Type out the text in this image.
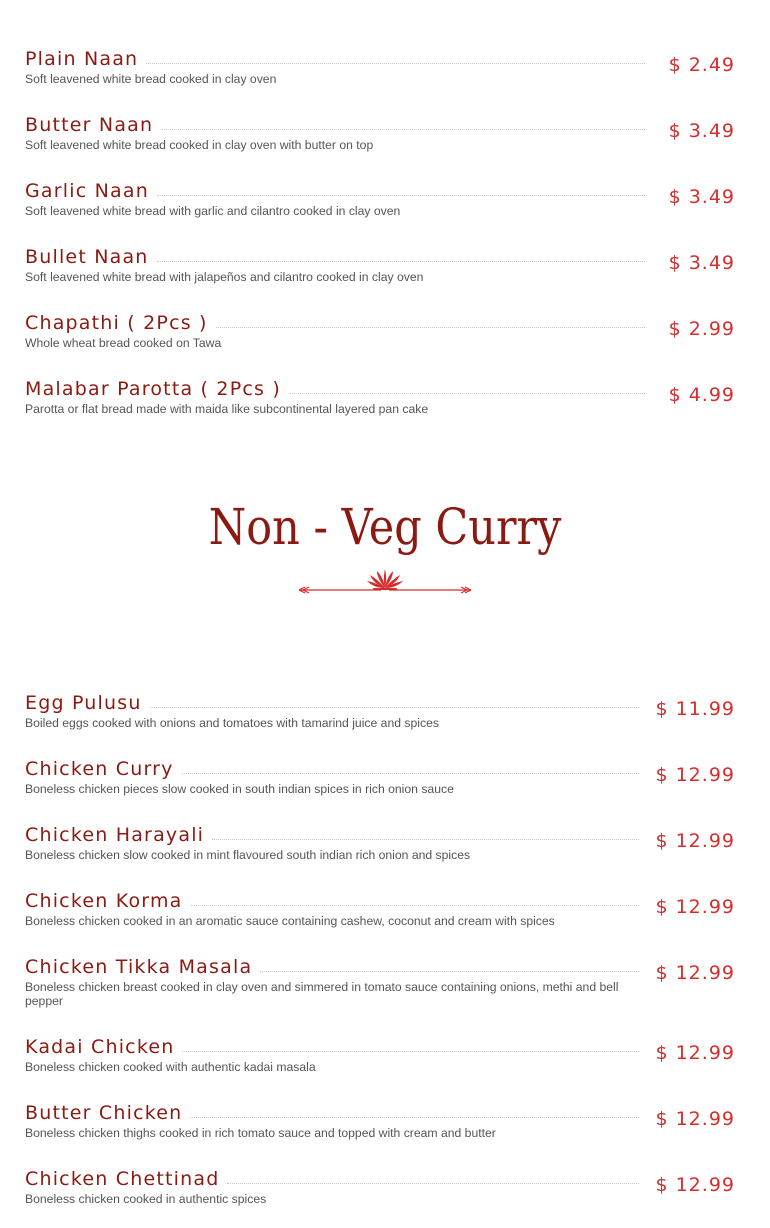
Plain Naan	$ 2.49
Soft leavened white bread cooked in clay oven
Butter Naan	$ 3.49
Soft leavened white bread cooked in clay oven with butter on top
Garlic Naan	$ 3.49
Soft leavened white bread with garlic and cilantro cooked in clay oven
Bullet Naan	$ 3.49
Soft leavened white bread with jalapeños and cilantro cooked in clay oven
Chapathi ( 2Pcs )	$ 2.99
Whole wheat bread cooked on Tawa
Malabar Parotta ( 2Pcs )	$ 4.99
Parotta or flat bread made with maida like subcontinental layered pan cake
Non - Veg Curry
Egg Pulusu	$ 11.99
Boiled eggs cooked with onions and tomatoes with tamarind juice and spices
Chicken Curry	$ 12.99
Boneless chicken pieces slow cooked in south indian spices in rich onion sauce
Chicken Harayali	$ 12.99
Boneless chicken slow cooked in mint flavoured south indian rich onion and spices
Chicken Korma	$ 12.99
Boneless chicken cooked in an aromatic sauce containing cashew, coconut and cream with spices
Chicken Tikka Masala	$ 12.99
Boneless chicken breast cooked in clay oven and simmered in tomato sauce containing onions, methi and bell pepper
Kadai Chicken	$ 12.99
Boneless chicken cooked with authentic kadai masala
Butter Chicken	$ 12.99
Boneless chicken thighs cooked in rich tomato sauce and topped with cream and butter
Chicken Chettinad	$ 12.99
Boneless chicken cooked in authentic spices
